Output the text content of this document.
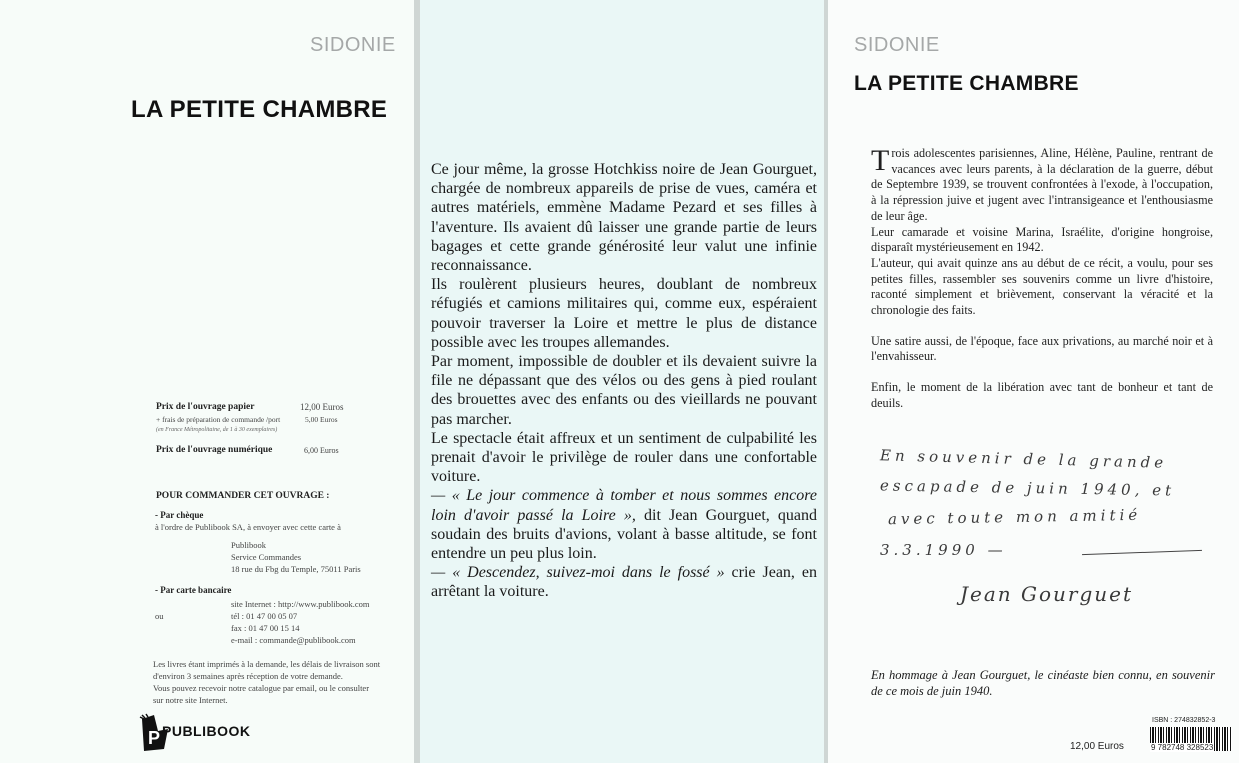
SIDONIE
LA PETITE CHAMBRE
Prix de l'ouvrage papier	12,00 Euros
+ frais de préparation de commande /port	5,00 Euros
(en France Métropolitaine, de 1 à 30 exemplaires)
Prix de l'ouvrage numérique	6,00 Euros
POUR COMMANDER CET OUVRAGE :
- Par chèque
à l'ordre de Publibook SA, à envoyer avec cette carte à
Publibook
Service Commandes
18 rue du Fbg du Temple, 75011 Paris
- Par carte bancaire
site Internet : http://www.publibook.com
ou	tél : 01 47 00 05 07
fax : 01 47 00 15 14
e-mail : commande@publibook.com
Les livres étant imprimés à la demande, les délais de livraison sont
d'environ 3 semaines après réception de votre demande.
Vous pouvez recevoir notre catalogue par email, ou le consulter
sur notre site Internet.
P PUBLIBOOK

Ce jour même, la grosse Hotchkiss noire de Jean Gourguet, chargée de nombreux appareils de prise de vues, caméra et autres matériels, emmène Madame Pezard et ses filles à l'aventure. Ils avaient dû laisser une grande partie de leurs bagages et cette grande générosité leur valut une infinie reconnaissance.

Ils roulèrent plusieurs heures, doublant de nombreux réfugiés et camions militaires qui, comme eux, espéraient pouvoir traverser la Loire et mettre le plus de distance possible avec les troupes allemandes.

Par moment, impossible de doubler et ils devaient suivre la file ne dépassant que des vélos ou des gens à pied roulant des brouettes avec des enfants ou des vieillards ne pouvant pas marcher.

Le spectacle était affreux et un sentiment de culpabilité les prenait d'avoir le privilège de rouler dans une confortable voiture.

— « Le jour commence à tomber et nous sommes encore loin d'avoir passé la Loire », dit Jean Gourguet, quand soudain des bruits d'avions, volant à basse altitude, se font entendre un peu plus loin.

— « Descendez, suivez-moi dans le fossé » crie Jean, en arrêtant la voiture.

SIDONIE
LA PETITE CHAMBRE

Trois adolescentes parisiennes, Aline, Hélène, Pauline, rentrant de vacances avec leurs parents, à la déclaration de la guerre, début de Septembre 1939, se trouvent confrontées à l'exode, à l'occupation, à la répression juive et jugent avec l'intransigeance et l'enthousiasme de leur âge.

Leur camarade et voisine Marina, Israélite, d'origine hongroise, disparaît mystérieusement en 1942.

L'auteur, qui avait quinze ans au début de ce récit, a voulu, pour ses petites filles, rassembler ses souvenirs comme un livre d'histoire, raconté simplement et brièvement, conservant la véracité et la chronologie des faits.

Une satire aussi, de l'époque, face aux privations, au marché noir et à l'envahisseur.

Enfin, le moment de la libération avec tant de bonheur et tant de deuils.

En souvenir de la grande
escapade de juin 1940, et
avec toute mon amitié
3.3.1990 —
Jean Gourguet
En hommage à Jean Gourguet, le cinéaste bien connu, en souvenir de ce mois de juin 1940.
ISBN : 274832852-3
9 782748 328523
12,00 Euros
